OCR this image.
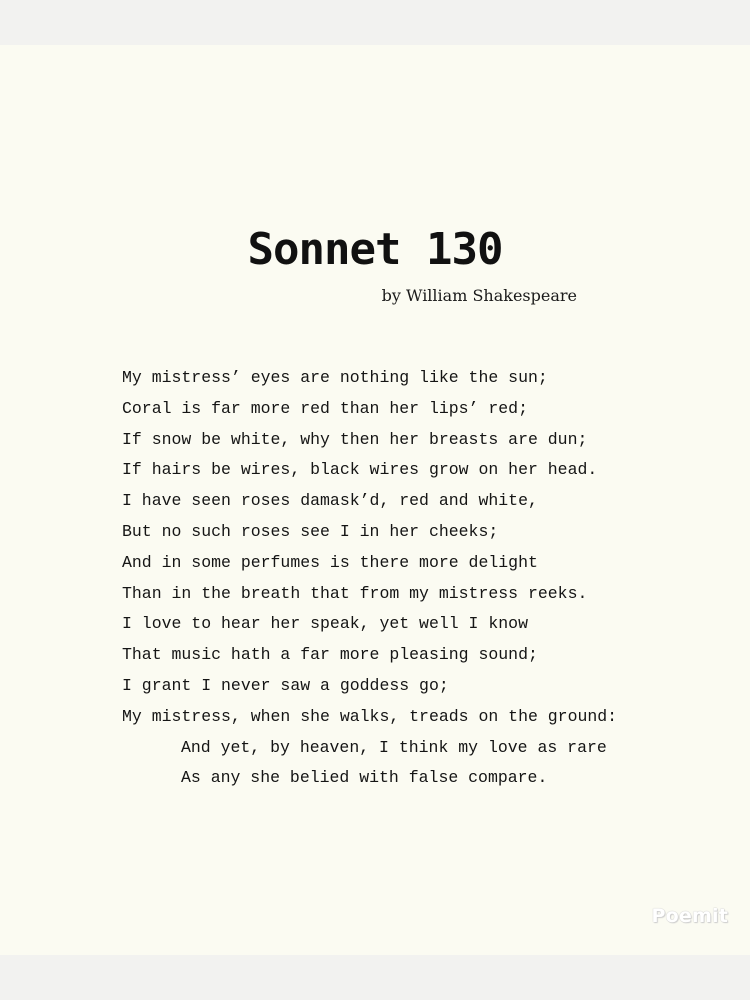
Sonnet 130

by William Shakespeare

My mistress’ eyes are nothing like the sun;
Coral is far more red than her lips’ red;
If snow be white, why then her breasts are dun;
If hairs be wires, black wires grow on her head.
I have seen roses damask’d, red and white,
But no such roses see I in her cheeks;
And in some perfumes is there more delight
Than in the breath that from my mistress reeks.
I love to hear her speak, yet well I know
That music hath a far more pleasing sound;
I grant I never saw a goddess go;
My mistress, when she walks, treads on the ground:
And yet, by heaven, I think my love as rare
As any she belied with false compare.
Poemit
